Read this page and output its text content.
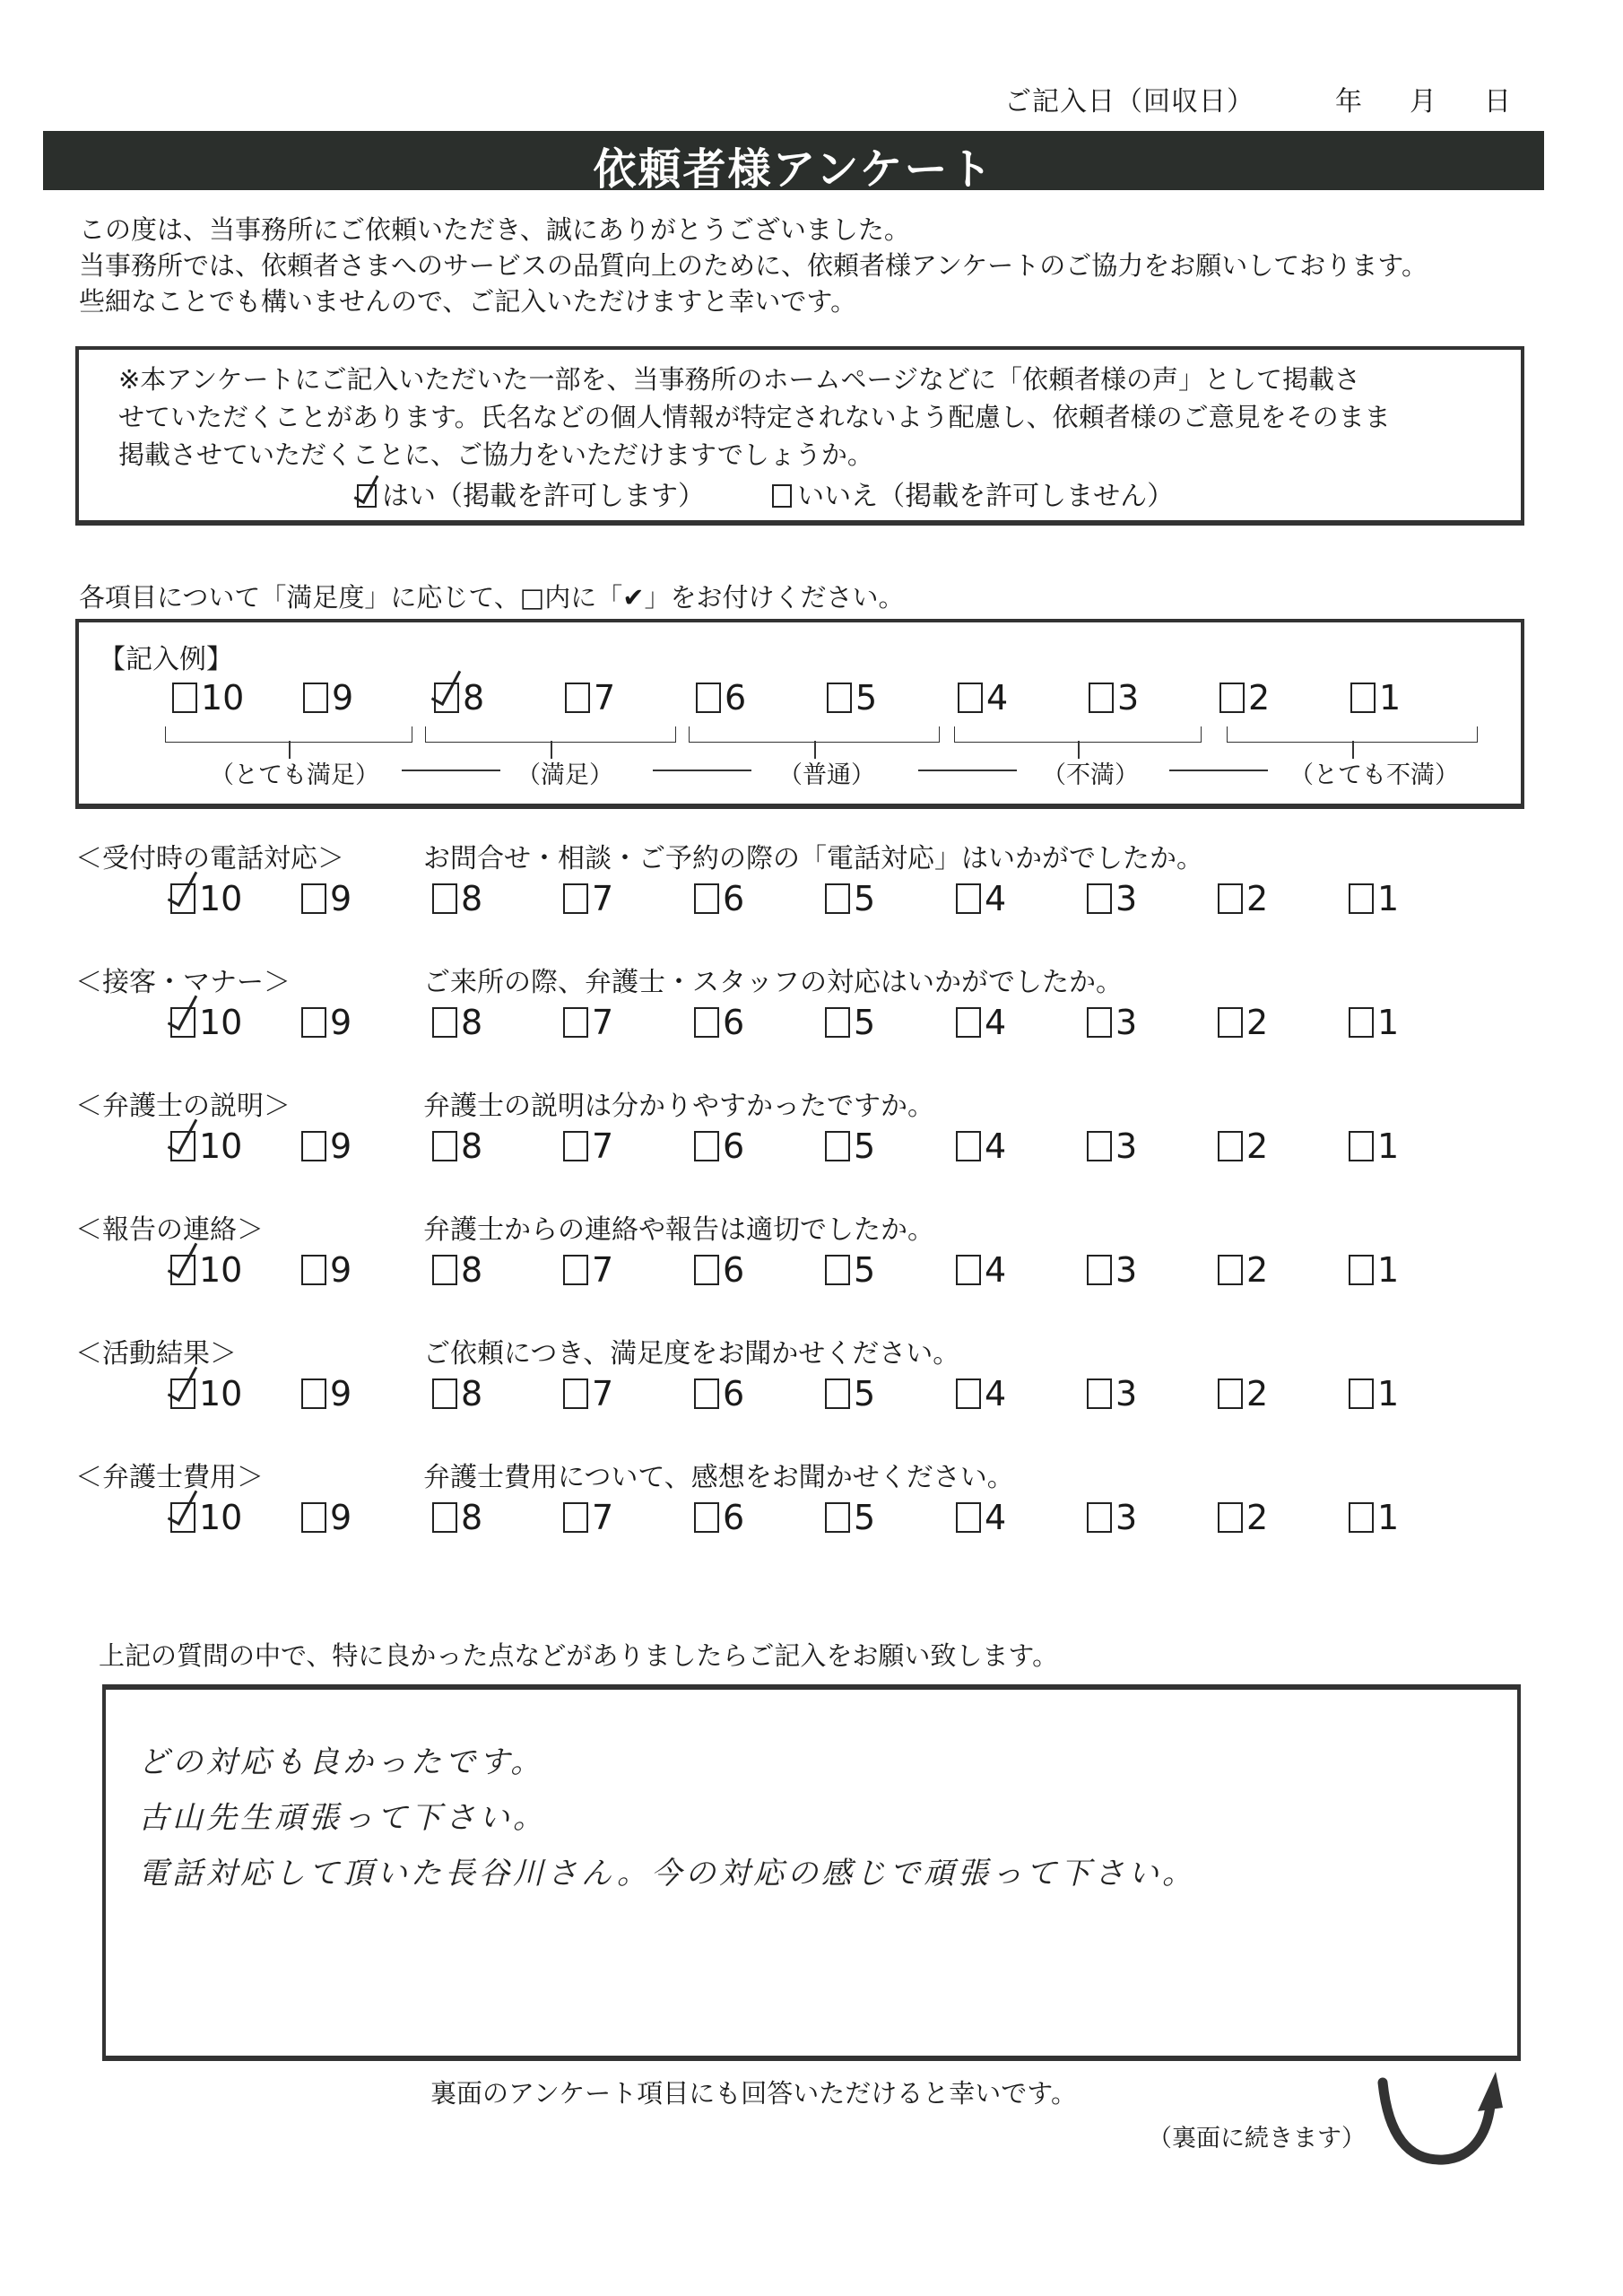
ご記入日（回収日）	年 月 日
依頼者様アンケート
この度は、当事務所にご依頼いただき、誠にありがとうございました。
当事務所では、依頼者さまへのサービスの品質向上のために、依頼者様アンケートのご協力をお願いしております。
些細なことでも構いませんので、ご記入いただけますと幸いです。
※本アンケートにご記入いただいた一部を、当事務所のホームページなどに「依頼者様の声」として掲載さ
せていただくことがあります。氏名などの個人情報が特定されないよう配慮し、依頼者様のご意見をそのまま
掲載させていただくことに、ご協力をいただけますでしょうか。
はい（掲載を許可します）	いいえ（掲載を許可しません）
各項目について「満足度」に応じて、□内に「✔」をお付けください。
【記入例】
10	9	8	7	6	5	4	3	2	1
（とても満足）	（満足）	（普通）	（不満）	（とても不満）
＜受付時の電話対応＞	お問合せ・相談・ご予約の際の「電話対応」はいかがでしたか。
10	9	8	7	6	5	4	3	2	1
＜接客・マナー＞	ご来所の際、弁護士・スタッフの対応はいかがでしたか。
10	9	8	7	6	5	4	3	2	1
＜弁護士の説明＞	弁護士の説明は分かりやすかったですか。
10	9	8	7	6	5	4	3	2	1
＜報告の連絡＞	弁護士からの連絡や報告は適切でしたか。
10	9	8	7	6	5	4	3	2	1
＜活動結果＞	ご依頼につき、満足度をお聞かせください。
10	9	8	7	6	5	4	3	2	1
＜弁護士費用＞	弁護士費用について、感想をお聞かせください。
10	9	8	7	6	5	4	3	2	1
上記の質問の中で、特に良かった点などがありましたらご記入をお願い致します。
どの対応も良かったです。
古山先生頑張って下さい。
電話対応して頂いた長谷川さん。今の対応の感じで頑張って下さい。
裏面のアンケート項目にも回答いただけると幸いです。
（裏面に続きます）
